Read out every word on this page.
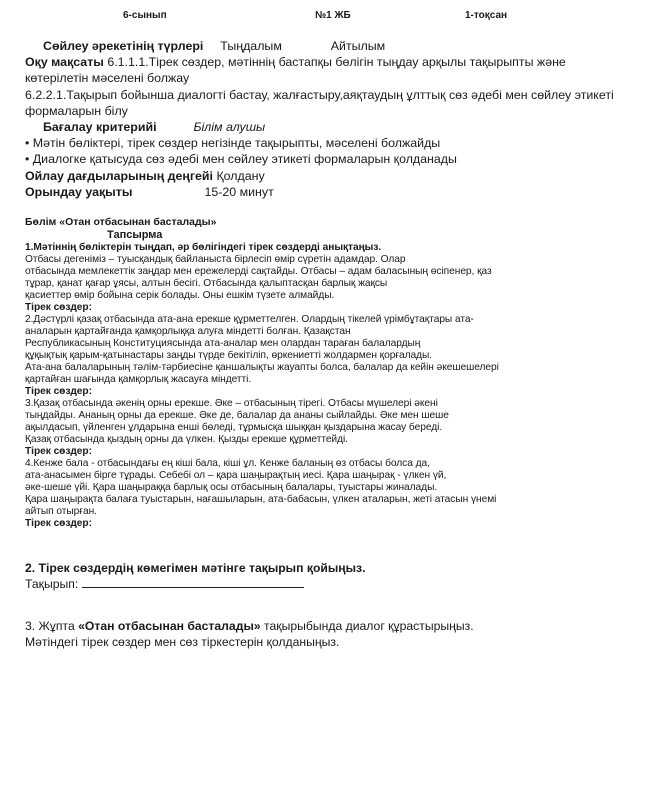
6-сынып	№1 ЖБ	1-тоқсан

Сөйлеу әрекетінің түрлері Тыңдалым	Айтылым

Оқу мақсаты 6.1.1.1.Тірек сөздер, мәтіннің бастапқы бөлігін тыңдау арқылы тақырыпты және көтерілетін мәселені болжау

6.2.2.1.Тақырып бойынша диалогті бастау, жалғастыру,аяқтаудың ұлттық сөз әдебі мен сөйлеу этикеті формаларын білу

Бағалау критерийі	Білім алушы

• Мәтін бөліктері, тірек сөздер негізінде тақырыпты, мәселені болжайды

• Диалогке қатысуда сөз әдебі мен сөйлеу этикеті формаларын қолданады

Ойлау дағдыларының деңгейі Қолдану

Орындау уақыты	15-20 минут

Бөлім «Отан отбасынан басталады»
Тапсырма

1.Мәтіннің бөліктерін тыңдап, әр бөлігіндегі тірек сөздерді анықтаңыз.

Отбасы дегеніміз – туысқандық байланыста бірлесіп өмір сүретін адамдар. Олар

отбасында мемлекеттік заңдар мен ережелерді сақтайды. Отбасы – адам баласының өсіпенер, қаз

тұрар, қанат қағар ұясы, алтын бесігі. Отбасында қалыптасқан барлық жақсы

қасиеттер өмір бойына серік болады. Оны ешкім түзете алмайды.

Тірек сөздер:

2.Дәстүрлі қазақ отбасында ата-ана ерекше құрметтелген. Олардың тікелей үрімбұтақтары ата-

аналарын қартайғанда қамқорлыққа алуға міндетті болған. Қазақстан

Республикасының Конституциясында ата-аналар мен олардан тараған балалардың

құқықтық қарым-қатынастары заңды түрде бекітіліп, өркениетті жолдармен қорғалады.

Ата-ана балаларының тәлім-тәрбиесіне қаншалықты жауапты болса, балалар да кейін әкешешелері

қартайған шағында қамқорлық жасауға міндетті.

Тірек сөздер:

3.Қазақ отбасында әкенің орны ерекше. Әке – отбасының тірегі. Отбасы мүшелері әкені

тыңдайды. Ананың орны да ерекше. Әке де, балалар да ананы сыйлайды. Әке мен шеше

ақылдасып, үйленген ұлдарына енші бөледі, тұрмысқа шыққан қыздарына жасау береді.

Қазақ отбасында қыздың орны да үлкен. Қызды ерекше құрметтейді.

Тірек сөздер:

4.Кенже бала - отбасындағы ең кіші бала, кіші ұл. Кенже баланың өз отбасы болса да,

ата-анасымен бірге тұрады. Себебі ол – қара шаңырақтың иесі. Қара шаңырақ - үлкен үй,

әке-шеше үйі. Қара шаңыраққа барлық осы отбасының балалары, туыстары жиналады.

Қара шаңырақта балаға туыстарын, нағашыларын, ата-бабасын, үлкен аталарын, жеті атасын үнемі

айтып отырған.

Тірек сөздер:

2. Тірек сөздердің көмегімен мәтінге тақырып қойыңыз.
Тақырып:
3. Жұпта «Отан отбасынан басталады» тақырыбында диалог құрастырыңыз.
Мәтіндегі тірек сөздер мен сөз тіркестерін қолданыңыз.
